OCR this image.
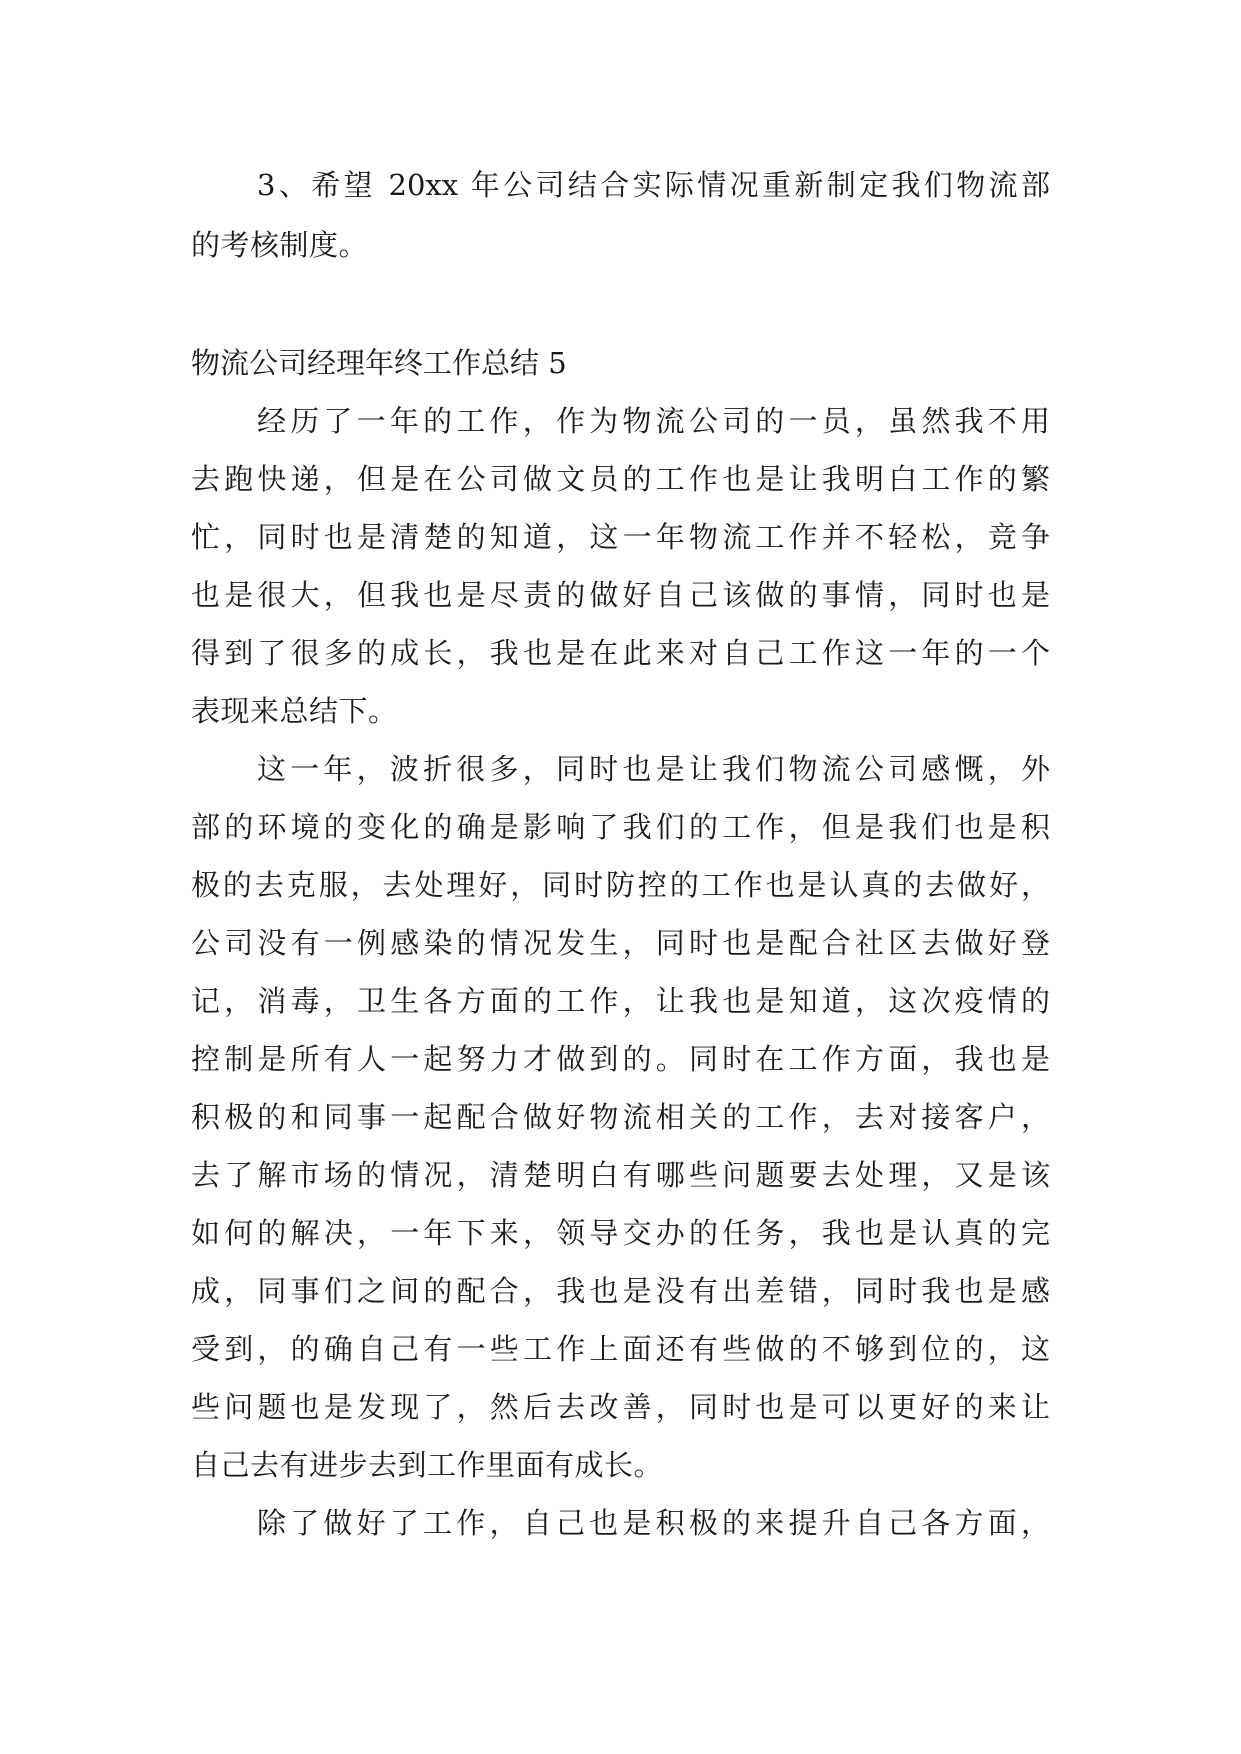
3、希望 20xx 年公司结合实际情况重新制定我们物流部

的考核制度。

物流公司经理年终工作总结 5

经历了一年的工作，作为物流公司的一员，虽然我不用

去跑快递，但是在公司做文员的工作也是让我明白工作的繁

忙，同时也是清楚的知道，这一年物流工作并不轻松，竞争

也是很大，但我也是尽责的做好自己该做的事情，同时也是

得到了很多的成长，我也是在此来对自己工作这一年的一个

表现来总结下。

这一年，波折很多，同时也是让我们物流公司感慨，外

部的环境的变化的确是影响了我们的工作，但是我们也是积

极的去克服，去处理好，同时防控的工作也是认真的去做好，

公司没有一例感染的情况发生，同时也是配合社区去做好登

记，消毒，卫生各方面的工作，让我也是知道，这次疫情的

控制是所有人一起努力才做到的。同时在工作方面，我也是

积极的和同事一起配合做好物流相关的工作，去对接客户，

去了解市场的情况，清楚明白有哪些问题要去处理，又是该

如何的解决，一年下来，领导交办的任务，我也是认真的完

成，同事们之间的配合，我也是没有出差错，同时我也是感

受到，的确自己有一些工作上面还有些做的不够到位的，这

些问题也是发现了，然后去改善，同时也是可以更好的来让

自己去有进步去到工作里面有成长。

除了做好了工作，自己也是积极的来提升自己各方面，
